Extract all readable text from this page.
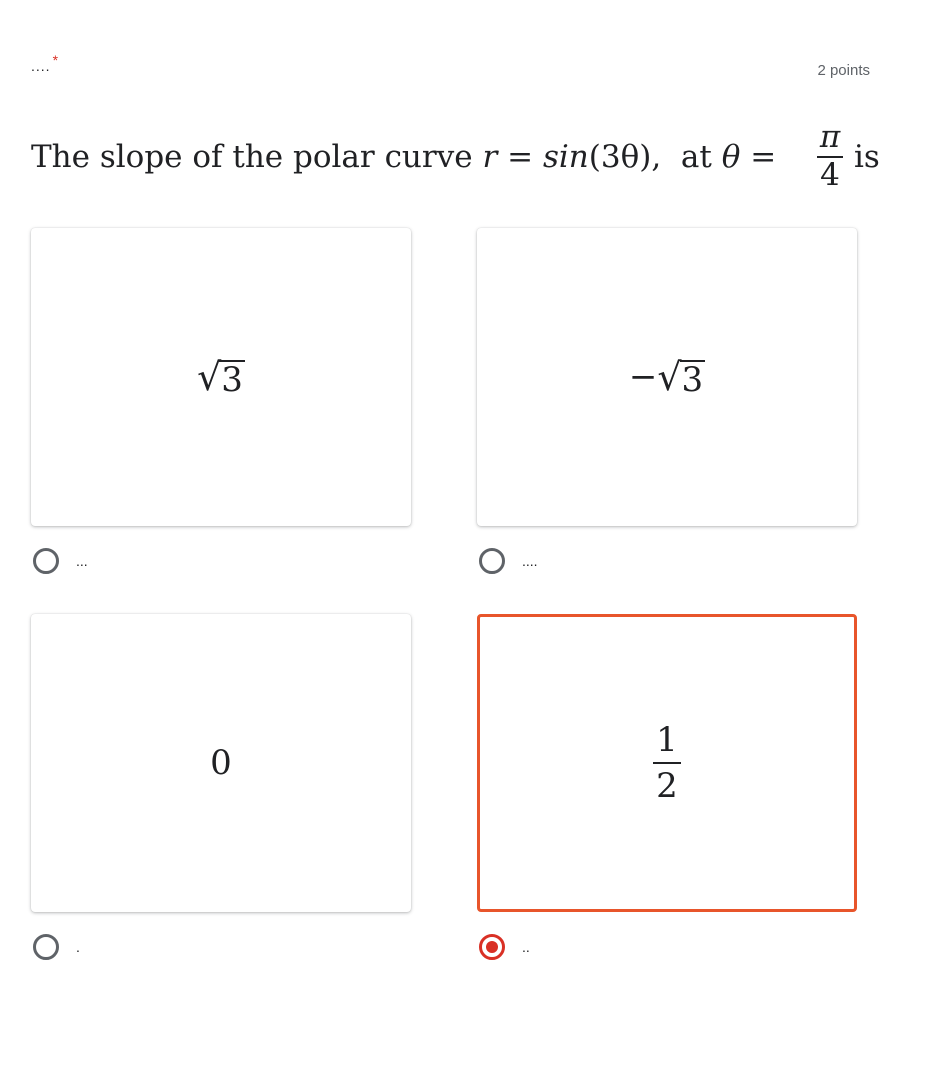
.... *
2 points
The slope of the polar curve r = sin(3θ),  at θ =
π
4 is
√ 3
...
− √ 3
....
0
.
$\frac{1}{2}$
..
